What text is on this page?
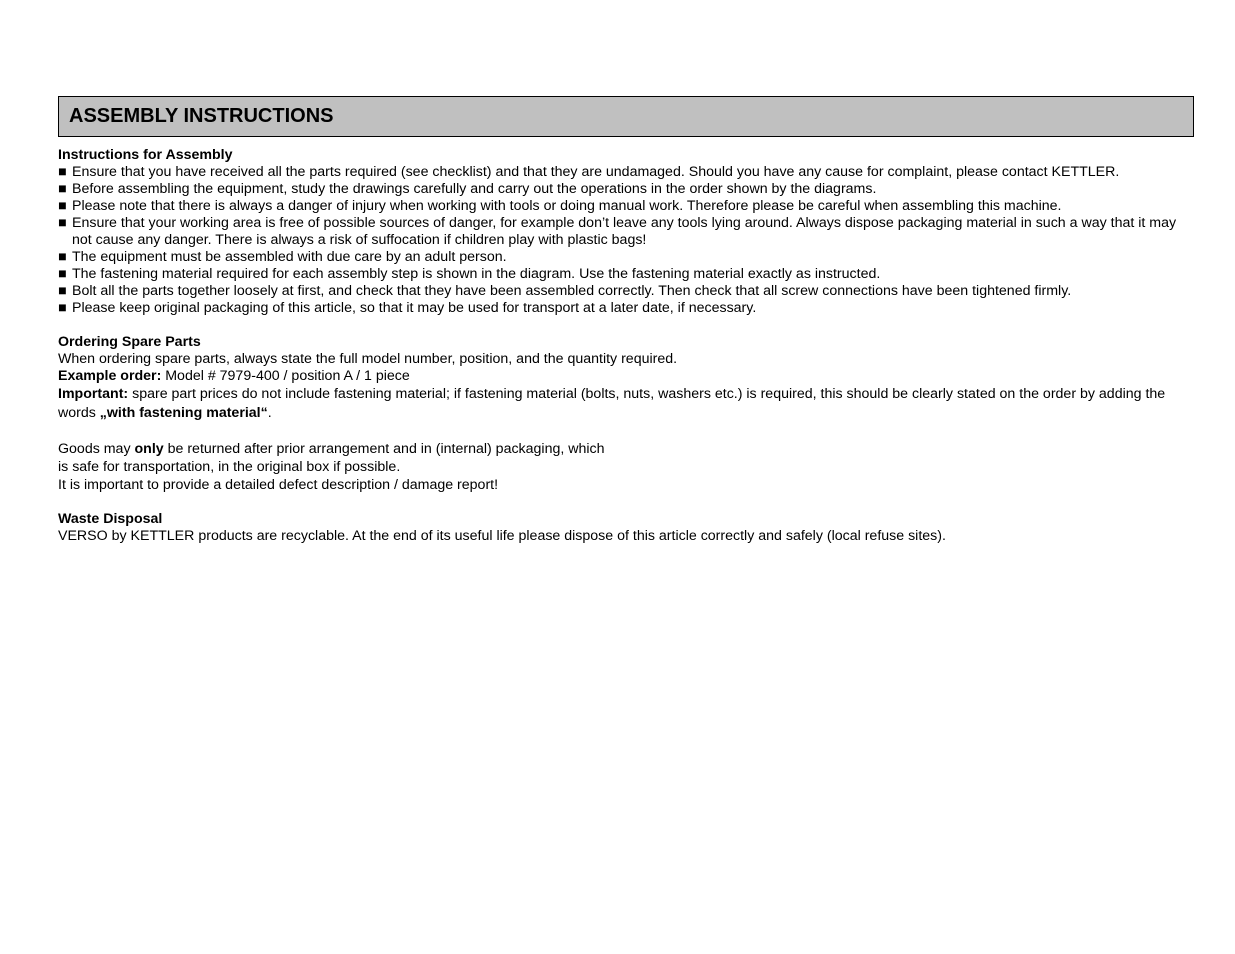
ASSEMBLY INSTRUCTIONS

Instructions for Assembly

■ Ensure that you have received all the parts required (see checklist) and that they are undamaged. Should you have any cause for complaint, please contact KETTLER.
■ Before assembling the equipment, study the drawings carefully and carry out the operations in the order shown by the diagrams.
■ Please note that there is always a danger of injury when working with tools or doing manual work. Therefore please be careful when assembling this machine.
■ Ensure that your working area is free of possible sources of danger, for example don’t leave any tools lying around. Always dispose packaging material in such a way that it may not cause any danger. There is always a risk of suffocation if children play with plastic bags!
■ The equipment must be assembled with due care by an adult person.
■ The fastening material required for each assembly step is shown in the diagram. Use the fastening material exactly as instructed.
■ Bolt all the parts together loosely at first, and check that they have been assembled correctly. Then check that all screw connections have been tightened firmly.
■ Please keep original packaging of this article, so that it may be used for transport at a later date, if necessary.

Ordering Spare Parts

When ordering spare parts, always state the full model number, position, and the quantity required.

Example order: Model # 7979-400 / position A / 1 piece

Important: spare part prices do not include fastening material; if fastening material (bolts, nuts, washers etc.) is required, this should be clearly stated on the order by adding the words „with fastening material“.

Goods may only be returned after prior arrangement and in (internal) packaging, which

is safe for transportation, in the original box if possible.

It is important to provide a detailed defect description / damage report!

Waste Disposal

VERSO by KETTLER products are recyclable. At the end of its useful life please dispose of this article correctly and safely (local refuse sites).
